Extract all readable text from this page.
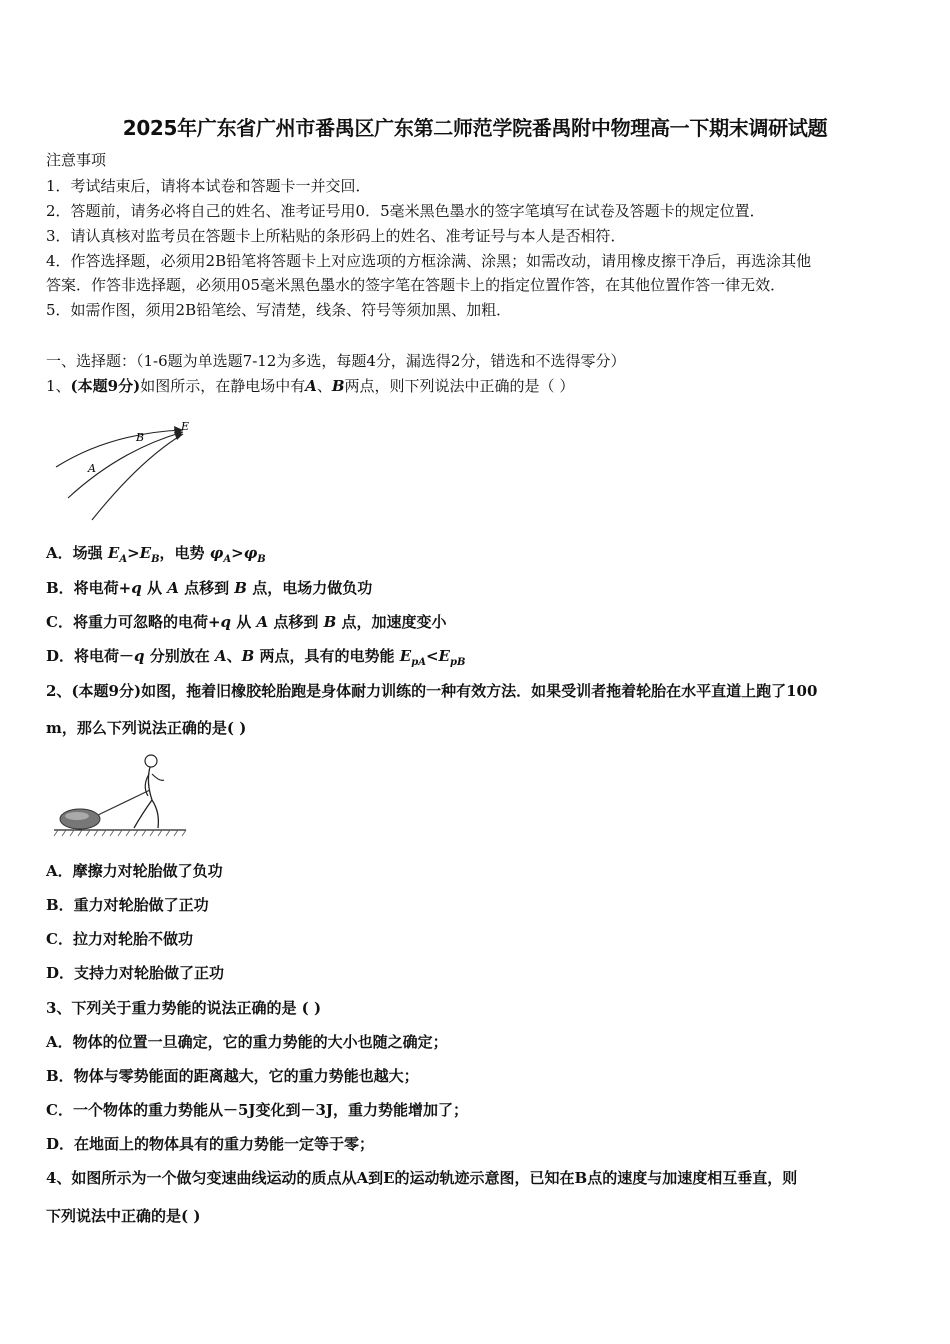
2025年广东省广州市番禺区广东第二师范学院番禺附中物理高一下期末调研试题
注意事项
1．考试结束后，请将本试卷和答题卡一并交回．
2．答题前，请务必将自己的姓名、准考证号用0．5毫米黑色墨水的签字笔填写在试卷及答题卡的规定位置．
3．请认真核对监考员在答题卡上所粘贴的条形码上的姓名、准考证号与本人是否相符．
4．作答选择题，必须用2B铅笔将答题卡上对应选项的方框涂满、涂黑；如需改动，请用橡皮擦干净后，再选涂其他
答案．作答非选择题，必须用05毫米黑色墨水的签字笔在答题卡上的指定位置作答，在其他位置作答一律无效．
5．如需作图，须用2B铅笔绘、写清楚，线条、符号等须加黑、加粗．
一、选择题：（1-6题为单选题7-12为多选，每题4分，漏选得2分，错选和不选得零分）
1、(本题9分)如图所示，在静电场中有A、B两点，则下列说法中正确的是（ ）
A
B
E
A．场强 $E_A>E_B$，电势 $\varphi_A>\varphi_B$
B．将电荷+q 从 A 点移到 B 点，电场力做负功
C．将重力可忽略的电荷+q 从 A 点移到 B 点，加速度变小
D．将电荷－q 分别放在 A、B 两点，具有的电势能 $E_{pA}<E_{pB}$
2、(本题9分)如图，拖着旧橡胶轮胎跑是身体耐力训练的一种有效方法．如果受训者拖着轮胎在水平直道上跑了100
m，那么下列说法正确的是( )
A．摩擦力对轮胎做了负功
B．重力对轮胎做了正功
C．拉力对轮胎不做功
D．支持力对轮胎做了正功
3、下列关于重力势能的说法正确的是 ( )
A．物体的位置一旦确定，它的重力势能的大小也随之确定；
B．物体与零势能面的距离越大，它的重力势能也越大；
C．一个物体的重力势能从－5J变化到－3J，重力势能增加了；
D．在地面上的物体具有的重力势能一定等于零；
4、如图所示为一个做匀变速曲线运动的质点从A到E的运动轨迹示意图，已知在B点的速度与加速度相互垂直，则
下列说法中正确的是( )
